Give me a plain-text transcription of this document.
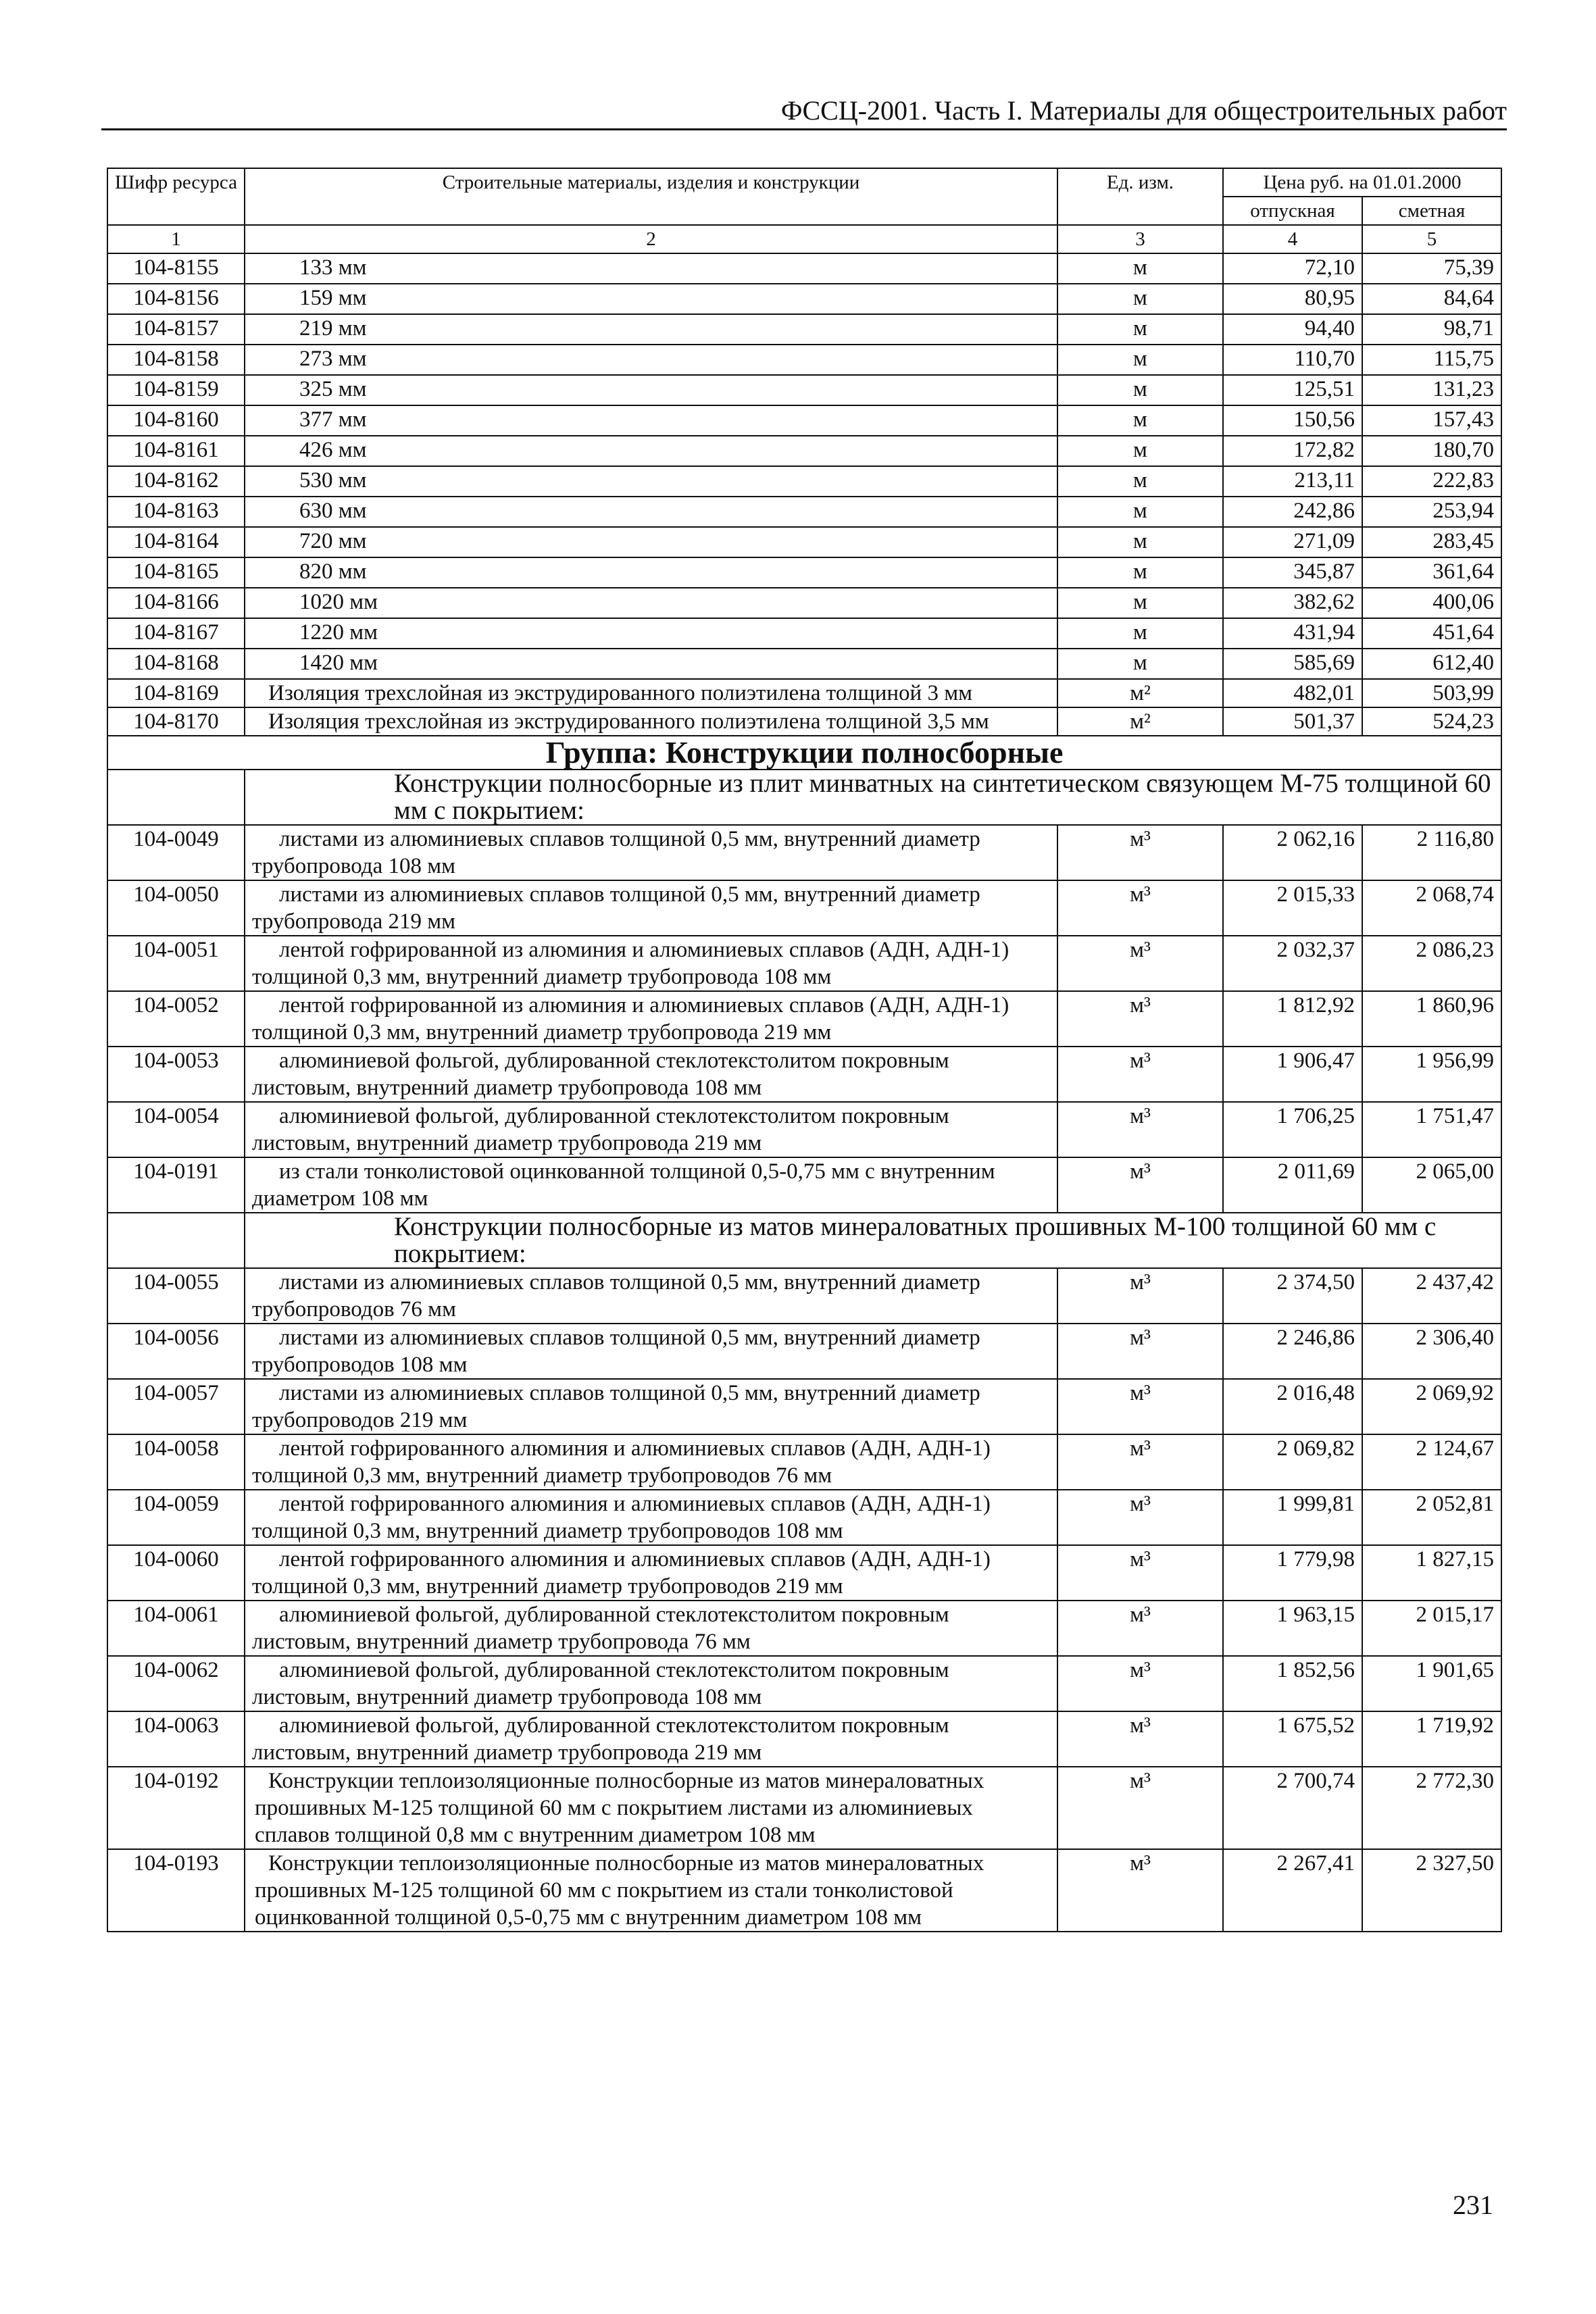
ФССЦ-2001. Часть I. Материалы для общестроительных работ
Шифр ресурса	Строительные материалы, изделия и конструкции	Ед. изм.	Цена руб. на 01.01.2000	
			отпускная	сметная
1	2	3	4	5
104-8155	133 мм	м	72,10	75,39
104-8156	159 мм	м	80,95	84,64
104-8157	219 мм	м	94,40	98,71
104-8158	273 мм	м	110,70	115,75
104-8159	325 мм	м	125,51	131,23
104-8160	377 мм	м	150,56	157,43
104-8161	426 мм	м	172,82	180,70
104-8162	530 мм	м	213,11	222,83
104-8163	630 мм	м	242,86	253,94
104-8164	720 мм	м	271,09	283,45
104-8165	820 мм	м	345,87	361,64
104-8166	1020 мм	м	382,62	400,06
104-8167	1220 мм	м	431,94	451,64
104-8168	1420 мм	м	585,69	612,40
104-8169	Изоляция трехслойная из экструдированного полиэтилена толщиной 3 мм	м²	482,01	503,99
104-8170	Изоляция трехслойная из экструдированного полиэтилена толщиной 3,5 мм	м²	501,37	524,23
Группа: Конструкции полносборные				
	Конструкции полносборные из плит минватных на синтетическом связующем М-75 толщиной 60 мм с покрытием:			
104-0049	листами из алюминиевых сплавов толщиной 0,5 мм, внутренний диаметр трубопровода 108 мм	м³	2 062,16	2 116,80
104-0050	листами из алюминиевых сплавов толщиной 0,5 мм, внутренний диаметр трубопровода 219 мм	м³	2 015,33	2 068,74
104-0051	лентой гофрированной из алюминия и алюминиевых сплавов (АДН, АДН-1) толщиной 0,3 мм, внутренний диаметр трубопровода 108 мм	м³	2 032,37	2 086,23
104-0052	лентой гофрированной из алюминия и алюминиевых сплавов (АДН, АДН-1) толщиной 0,3 мм, внутренний диаметр трубопровода 219 мм	м³	1 812,92	1 860,96
104-0053	алюминиевой фольгой, дублированной стеклотекстолитом покровным листовым, внутренний диаметр трубопровода 108 мм	м³	1 906,47	1 956,99
104-0054	алюминиевой фольгой, дублированной стеклотекстолитом покровным листовым, внутренний диаметр трубопровода 219 мм	м³	1 706,25	1 751,47
104-0191	из стали тонколистовой оцинкованной толщиной 0,5-0,75 мм с внутренним диаметром 108 мм	м³	2 011,69	2 065,00
	Конструкции полносборные из матов минераловатных прошивных М-100 толщиной 60 мм с покрытием:			
104-0055	листами из алюминиевых сплавов толщиной 0,5 мм, внутренний диаметр трубопроводов 76 мм	м³	2 374,50	2 437,42
104-0056	листами из алюминиевых сплавов толщиной 0,5 мм, внутренний диаметр трубопроводов 108 мм	м³	2 246,86	2 306,40
104-0057	листами из алюминиевых сплавов толщиной 0,5 мм, внутренний диаметр трубопроводов 219 мм	м³	2 016,48	2 069,92
104-0058	лентой гофрированного алюминия и алюминиевых сплавов (АДН, АДН-1) толщиной 0,3 мм, внутренний диаметр трубопроводов 76 мм	м³	2 069,82	2 124,67
104-0059	лентой гофрированного алюминия и алюминиевых сплавов (АДН, АДН-1) толщиной 0,3 мм, внутренний диаметр трубопроводов 108 мм	м³	1 999,81	2 052,81
104-0060	лентой гофрированного алюминия и алюминиевых сплавов (АДН, АДН-1) толщиной 0,3 мм, внутренний диаметр трубопроводов 219 мм	м³	1 779,98	1 827,15
104-0061	алюминиевой фольгой, дублированной стеклотекстолитом покровным листовым, внутренний диаметр трубопровода 76 мм	м³	1 963,15	2 015,17
104-0062	алюминиевой фольгой, дублированной стеклотекстолитом покровным листовым, внутренний диаметр трубопровода 108 мм	м³	1 852,56	1 901,65
104-0063	алюминиевой фольгой, дублированной стеклотекстолитом покровным листовым, внутренний диаметр трубопровода 219 мм	м³	1 675,52	1 719,92
104-0192	Конструкции теплоизоляционные полносборные из матов минераловатных прошивных М-125 толщиной 60 мм с покрытием листами из алюминиевых сплавов толщиной 0,8 мм с внутренним диаметром 108 мм	м³	2 700,74	2 772,30
104-0193	Конструкции теплоизоляционные полносборные из матов минераловатных прошивных М-125 толщиной 60 мм с покрытием из стали тонколистовой оцинкованной толщиной 0,5-0,75 мм с внутренним диаметром 108 мм	м³	2 267,41	2 327,50
231
